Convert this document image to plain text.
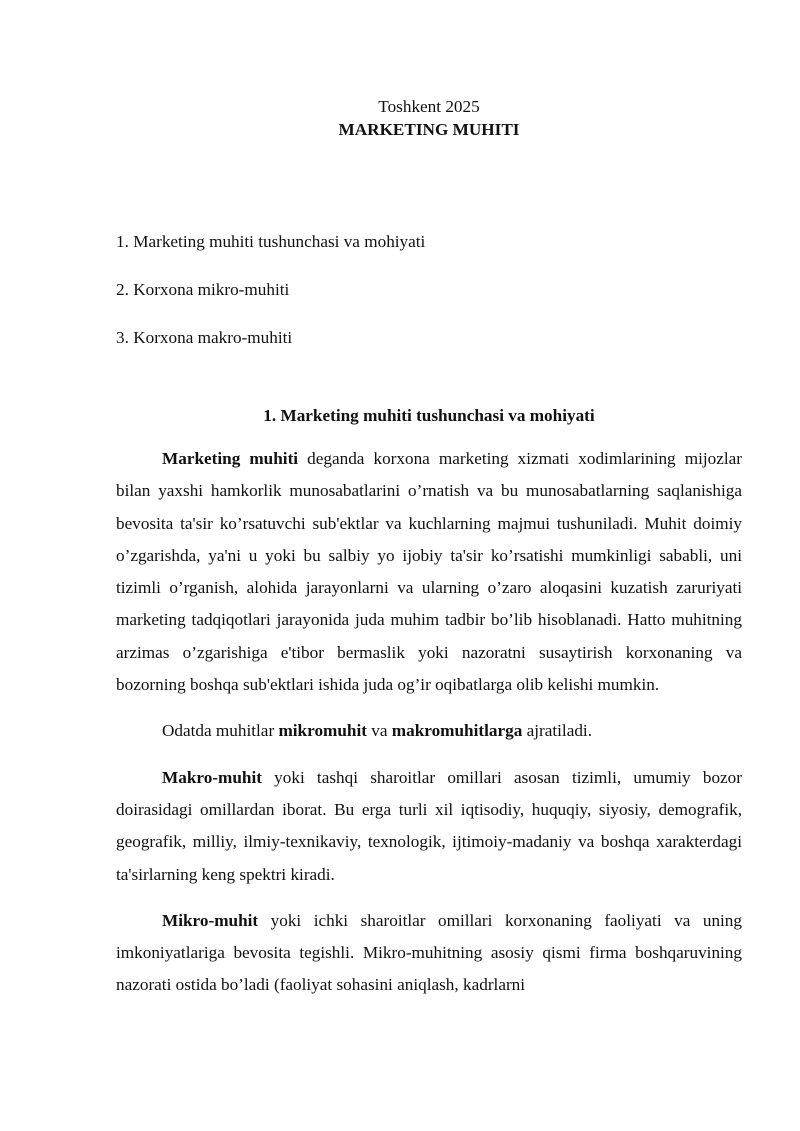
Toshkent 2025

MARKETING MUHITI

1. Marketing muhiti tushunchasi va mohiyati
2. Korxona mikro-muhiti
3. Korxona makro-muhiti

1. Marketing muhiti tushunchasi va mohiyati

Marketing muhiti deganda korxona marketing xizmati xodimlarining mijozlar bilan yaxshi hamkorlik munosabatlarini o’rnatish va bu munosabatlarning saqlanishiga bevosita ta'sir ko’rsatuvchi sub'ektlar va kuchlarning majmui tushuniladi. Muhit doimiy o’zgarishda, ya'ni u yoki bu salbiy yo ijobiy ta'sir ko’rsatishi mumkinligi sababli, uni tizimli o’rganish, alohida jarayonlarni va ularning o’zaro aloqasini kuzatish zaruriyati marketing tadqiqotlari jarayonida juda muhim tadbir bo’lib hisoblanadi. Hatto muhitning arzimas o’zgarishiga e'tibor bermaslik yoki nazoratni susaytirish korxonaning va bozorning boshqa sub'ektlari ishida juda og’ir oqibatlarga olib kelishi mumkin.

Odatda muhitlar mikromuhit va makromuhitlarga ajratiladi.

Makro-muhit yoki tashqi sharoitlar omillari asosan tizimli, umumiy bozor doirasidagi omillardan iborat. Bu erga turli xil iqtisodiy, huquqiy, siyosiy, demografik, geografik, milliy, ilmiy-texnikaviy, texnologik, ijtimoiy-madaniy va boshqa xarakterdagi ta'sirlarning keng spektri kiradi.

Mikro-muhit yoki ichki sharoitlar omillari korxonaning faoliyati va uning imkoniyatlariga bevosita tegishli. Mikro-muhitning asosiy qismi firma boshqaruvining nazorati ostida bo’ladi (faoliyat sohasini aniqlash, kadrlarni
